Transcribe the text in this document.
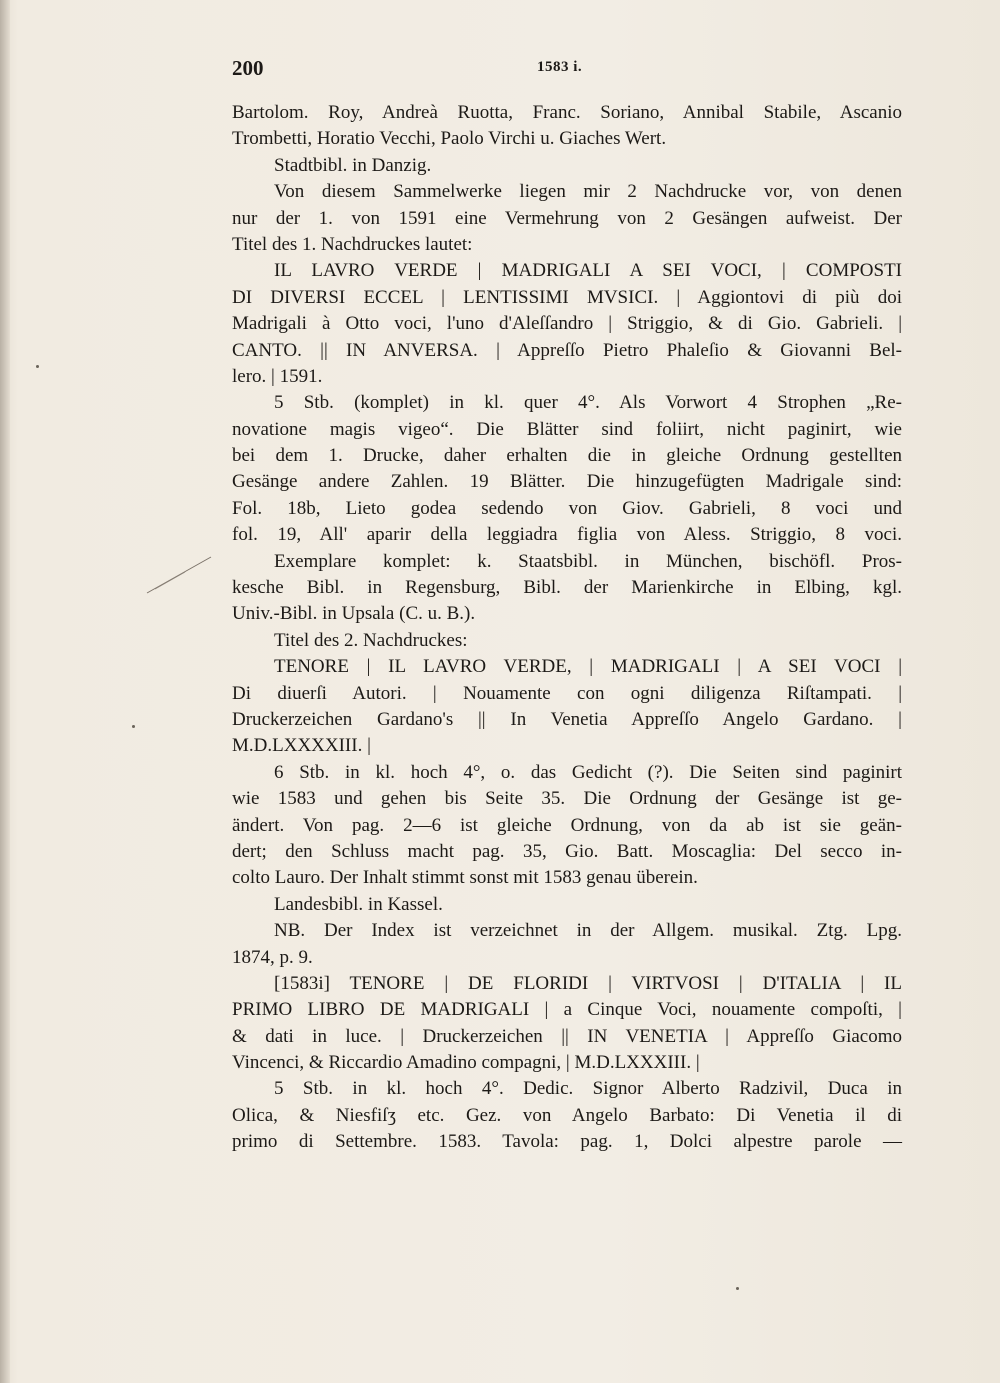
200	1583 i.
Bartolom. Roy, Andreà Ruotta, Franc. Soriano, Annibal Stabile, Ascanio
Trombetti, Horatio Vecchi, Paolo Virchi u. Giaches Wert.
Stadtbibl. in Danzig.
Von diesem Sammelwerke liegen mir 2 Nachdrucke vor, von denen
nur der 1. von 1591 eine Vermehrung von 2 Gesängen aufweist. Der
Titel des 1. Nachdruckes lautet:
IL LAVRO VERDE | MADRIGALI A SEI VOCI, | COMPOSTI
DI DIVERSI ECCEL | LENTISSIMI MVSICI. | Aggiontovi di più doi
Madrigali à Otto voci, l'uno d'Aleſſandro | Striggio, & di Gio. Gabrieli. |
CANTO. || IN ANVERSA. | Appreſſo Pietro Phaleſio & Giovanni Bel-
lero. | 1591.
5 Stb. (komplet) in kl. quer 4°. Als Vorwort 4 Strophen „Re-
novatione magis vigeo“. Die Blätter sind foliirt, nicht paginirt, wie
bei dem 1. Drucke, daher erhalten die in gleiche Ordnung gestellten
Gesänge andere Zahlen. 19 Blätter. Die hinzugefügten Madrigale sind:
Fol. 18b, Lieto godea sedendo von Giov. Gabrieli, 8 voci und
fol. 19, All' aparir della leggiadra figlia von Aless. Striggio, 8 voci.
Exemplare komplet: k. Staatsbibl. in München, bischöfl. Pros-
kesche Bibl. in Regensburg, Bibl. der Marienkirche in Elbing, kgl.
Univ.-Bibl. in Upsala (C. u. B.).
Titel des 2. Nachdruckes:
TENORE | IL LAVRO VERDE, | MADRIGALI | A SEI VOCI |
Di diuerſi Autori. | Nouamente con ogni diligenza Riſtampati. |
Druckerzeichen Gardano's || In Venetia Appreſſo Angelo Gardano. |
M.D.LXXXXIII. |
6 Stb. in kl. hoch 4°, o. das Gedicht (?). Die Seiten sind paginirt
wie 1583 und gehen bis Seite 35. Die Ordnung der Gesänge ist ge-
ändert. Von pag. 2—6 ist gleiche Ordnung, von da ab ist sie geän-
dert; den Schluss macht pag. 35, Gio. Batt. Moscaglia: Del secco in-
colto Lauro. Der Inhalt stimmt sonst mit 1583 genau überein.
Landesbibl. in Kassel.
NB. Der Index ist verzeichnet in der Allgem. musikal. Ztg. Lpg.
1874, p. 9.
[1583i] TENORE | DE FLORIDI | VIRTVOSI | D'ITALIA | IL
PRIMO LIBRO DE MADRIGALI | a Cinque Voci, nouamente compoſti, |
& dati in luce. | Druckerzeichen || IN VENETIA | Appreſſo Giacomo
Vincenci, & Riccardio Amadino compagni, | M.D.LXXXIII. |
5 Stb. in kl. hoch 4°. Dedic. Signor Alberto Radzivil, Duca in
Olica, & Niesfiſʒ etc. Gez. von Angelo Barbato: Di Venetia il di
primo di Settembre. 1583. Tavola: pag. 1, Dolci alpestre parole —
